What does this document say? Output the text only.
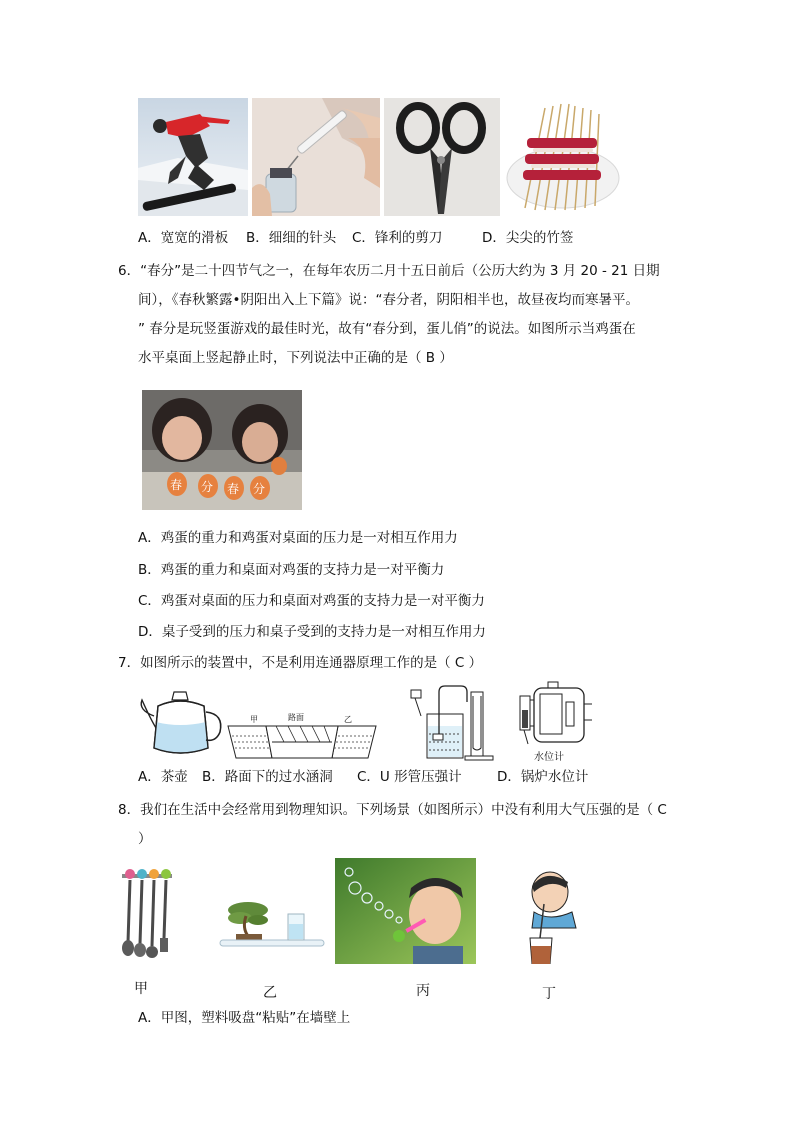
A．宽宽的滑板 B．细细的针头 C．锋利的剪刀	D．尖尖的竹签
6．“春分”是二十四节气之一，在每年农历二月十五日前后（公历大约为 3 月 20 - 21 日期
间），《春秋繁露•阴阳出入上下篇》说：“春分者，阴阳相半也，故昼夜均而寒暑平。
” 春分是玩竖蛋游戏的最佳时光，故有“春分到，蛋儿俏”的说法。如图所示当鸡蛋在
水平桌面上竖起静止时，下列说法中正确的是（ B ）
春 分 春 分
A．鸡蛋的重力和鸡蛋对桌面的压力是一对相互作用力
B．鸡蛋的重力和桌面对鸡蛋的支持力是一对平衡力
C．鸡蛋对桌面的压力和桌面对鸡蛋的支持力是一对平衡力
D．桌子受到的压力和桌子受到的支持力是一对相互作用力
7．如图所示的装置中，不是利用连通器原理工作的是（ C ）
甲	路面	乙
水位计
A．茶壶 B．路面下的过水涵洞 C．U 形管压强计	D．锅炉水位计
8．我们在生活中会经常用到物理知识。下列场景（如图所示）中没有利用大气压强的是（ C
）
甲	乙	丙	丁
A．甲图，塑料吸盘“粘贴”在墙壁上
